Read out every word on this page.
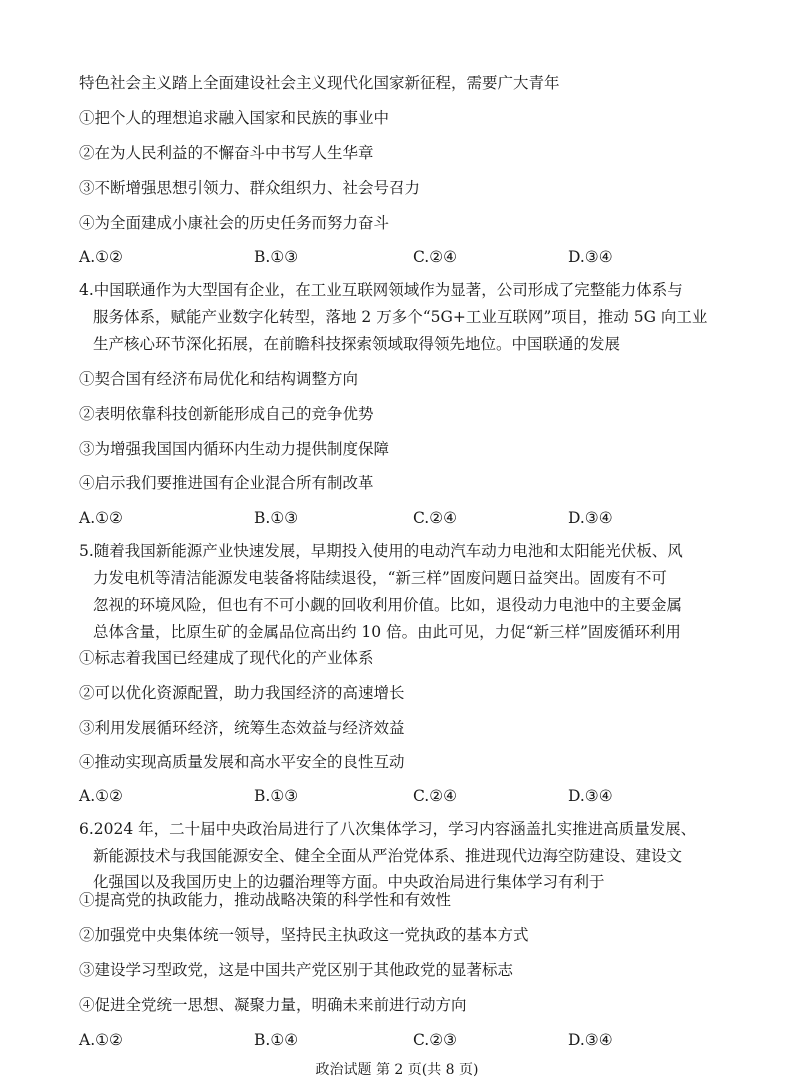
特色社会主义踏上全面建设社会主义现代化国家新征程，需要广大青年
①把个人的理想追求融入国家和民族的事业中
②在为人民利益的不懈奋斗中书写人生华章
③不断增强思想引领力、群众组织力、社会号召力
④为全面建成小康社会的历史任务而努力奋斗
A.①②	B.①③	C.②④	D.③④
4.中国联通作为大型国有企业，在工业互联网领域作为显著，公司形成了完整能力体系与
服务体系，赋能产业数字化转型，落地 2 万多个“5G+工业互联网”项目，推动 5G 向工业
生产核心环节深化拓展，在前瞻科技探索领域取得领先地位。中国联通的发展
①契合国有经济布局优化和结构调整方向
②表明依靠科技创新能形成自己的竞争优势
③为增强我国国内循环内生动力提供制度保障
④启示我们要推进国有企业混合所有制改革
A.①②	B.①③	C.②④	D.③④
5.随着我国新能源产业快速发展，早期投入使用的电动汽车动力电池和太阳能光伏板、风
力发电机等清洁能源发电装备将陆续退役，“新三样”固废问题日益突出。固废有不可
忽视的环境风险，但也有不可小觑的回收利用价值。比如，退役动力电池中的主要金属
总体含量，比原生矿的金属品位高出约 10 倍。由此可见，力促“新三样”固废循环利用
①标志着我国已经建成了现代化的产业体系
②可以优化资源配置，助力我国经济的高速增长
③利用发展循环经济，统筹生态效益与经济效益
④推动实现高质量发展和高水平安全的良性互动
A.①②	B.①③	C.②④	D.③④
6.2024 年，二十届中央政治局进行了八次集体学习，学习内容涵盖扎实推进高质量发展、
新能源技术与我国能源安全、健全全面从严治党体系、推进现代边海空防建设、建设文
化强国以及我国历史上的边疆治理等方面。中央政治局进行集体学习有利于
①提高党的执政能力，推动战略决策的科学性和有效性
②加强党中央集体统一领导，坚持民主执政这一党执政的基本方式
③建设学习型政党，这是中国共产党区别于其他政党的显著标志
④促进全党统一思想、凝聚力量，明确未来前进行动方向
A.①②	B.①④	C.②③	D.③④
政治试题 第 2 页(共 8 页)
